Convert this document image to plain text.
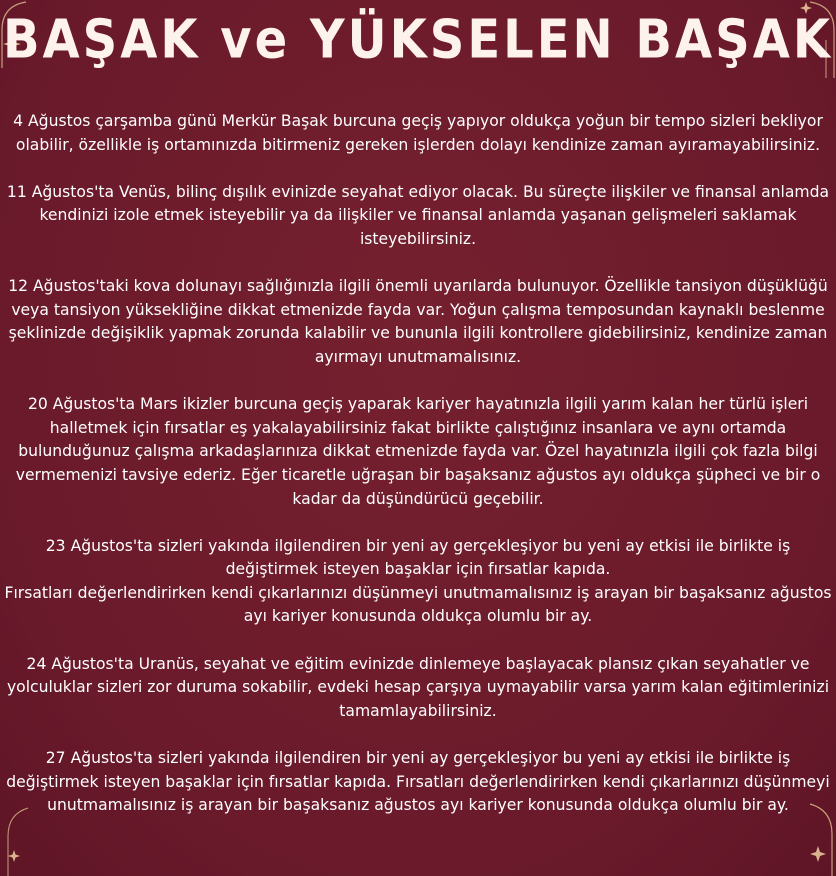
BAŞAK ve YÜKSELEN BAŞAK

4 Ağustos çarşamba günü Merkür Başak burcuna geçiş yapıyor oldukça yoğun bir tempo sizleri bekliyor olabilir, özellikle iş ortamınızda bitirmeniz gereken işlerden dolayı kendinize zaman ayıramayabilirsiniz.

11 Ağustos'ta Venüs, bilinç dışılık evinizde seyahat ediyor olacak. Bu süreçte ilişkiler ve finansal anlamda kendinizi izole etmek isteyebilir ya da ilişkiler ve finansal anlamda yaşanan gelişmeleri saklamak isteyebilirsiniz.

12 Ağustos'taki kova dolunayı sağlığınızla ilgili önemli uyarılarda bulunuyor. Özellikle tansiyon düşüklüğü veya tansiyon yüksekliğine dikkat etmenizde fayda var. Yoğun çalışma temposundan kaynaklı beslenme şeklinizde değişiklik yapmak zorunda kalabilir ve bununla ilgili kontrollere gidebilirsiniz, kendinize zaman ayırmayı unutmamalısınız.

20 Ağustos'ta Mars ikizler burcuna geçiş yaparak kariyer hayatınızla ilgili yarım kalan her türlü işleri halletmek için fırsatlar eş yakalayabilirsiniz fakat birlikte çalıştığınız insanlara ve aynı ortamda bulunduğunuz çalışma arkadaşlarınıza dikkat etmenizde fayda var. Özel hayatınızla ilgili çok fazla bilgi vermemenizi tavsiye ederiz. Eğer ticaretle uğraşan bir başaksanız ağustos ayı oldukça şüpheci ve bir o kadar da düşündürücü geçebilir.

23 Ağustos'ta sizleri yakında ilgilendiren bir yeni ay gerçekleşiyor bu yeni ay etkisi ile birlikte iş değiştirmek isteyen başaklar için fırsatlar kapıda.
Fırsatları değerlendirirken kendi çıkarlarınızı düşünmeyi unutmamalısınız iş arayan bir başaksanız ağustos ayı kariyer konusunda oldukça olumlu bir ay.

24 Ağustos'ta Uranüs, seyahat ve eğitim evinizde dinlemeye başlayacak plansız çıkan seyahatler ve yolculuklar sizleri zor duruma sokabilir, evdeki hesap çarşıya uymayabilir varsa yarım kalan eğitimlerinizi tamamlayabilirsiniz.

27 Ağustos'ta sizleri yakında ilgilendiren bir yeni ay gerçekleşiyor bu yeni ay etkisi ile birlikte iş değiştirmek isteyen başaklar için fırsatlar kapıda. Fırsatları değerlendirirken kendi çıkarlarınızı düşünmeyi unutmamalısınız iş arayan bir başaksanız ağustos ayı kariyer konusunda oldukça olumlu bir ay.
